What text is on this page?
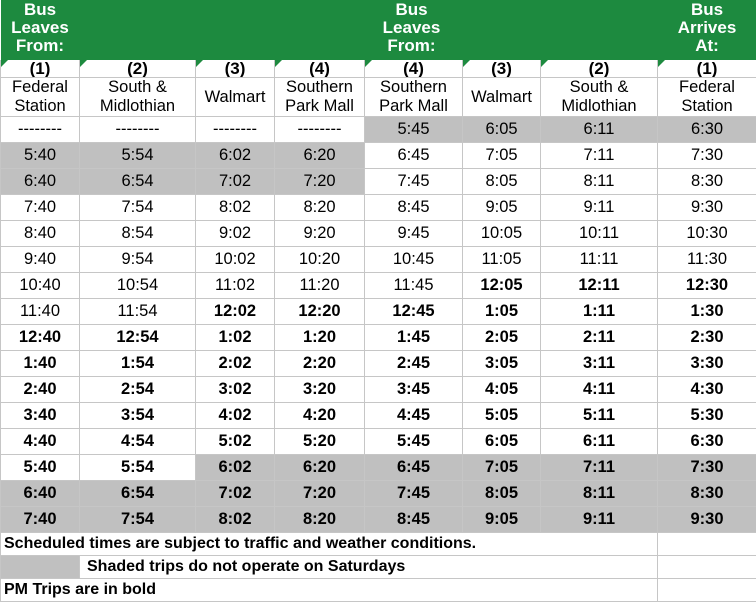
Bus Leaves From:				Bus Leaves From:			Bus Arrives At:

(1)	(2)	(3)	(4)	(4)	(3)	(2)	(1)
Federal Station	South & Midlothian	Walmart	Southern Park Mall	Southern Park Mall	Walmart	South & Midlothian	Federal Station
--------	--------	--------	--------	5:45	6:05	6:11	6:30
5:40	5:54	6:02	6:20	6:45	7:05	7:11	7:30
6:40	6:54	7:02	7:20	7:45	8:05	8:11	8:30
7:40	7:54	8:02	8:20	8:45	9:05	9:11	9:30
8:40	8:54	9:02	9:20	9:45	10:05	10:11	10:30
9:40	9:54	10:02	10:20	10:45	11:05	11:11	11:30
10:40	10:54	11:02	11:20	11:45	12:05	12:11	12:30
11:40	11:54	12:02	12:20	12:45	1:05	1:11	1:30
12:40	12:54	1:02	1:20	1:45	2:05	2:11	2:30
1:40	1:54	2:02	2:20	2:45	3:05	3:11	3:30
2:40	2:54	3:02	3:20	3:45	4:05	4:11	4:30
3:40	3:54	4:02	4:20	4:45	5:05	5:11	5:30
4:40	4:54	5:02	5:20	5:45	6:05	6:11	6:30
5:40	5:54	6:02	6:20	6:45	7:05	7:11	7:30
6:40	6:54	7:02	7:20	7:45	8:05	8:11	8:30
7:40	7:54	8:02	8:20	8:45	9:05	9:11	9:30
Scheduled times are subject to traffic and weather conditions.							
	Shaded trips do not operate on Saturdays						
PM Trips are in bold							
